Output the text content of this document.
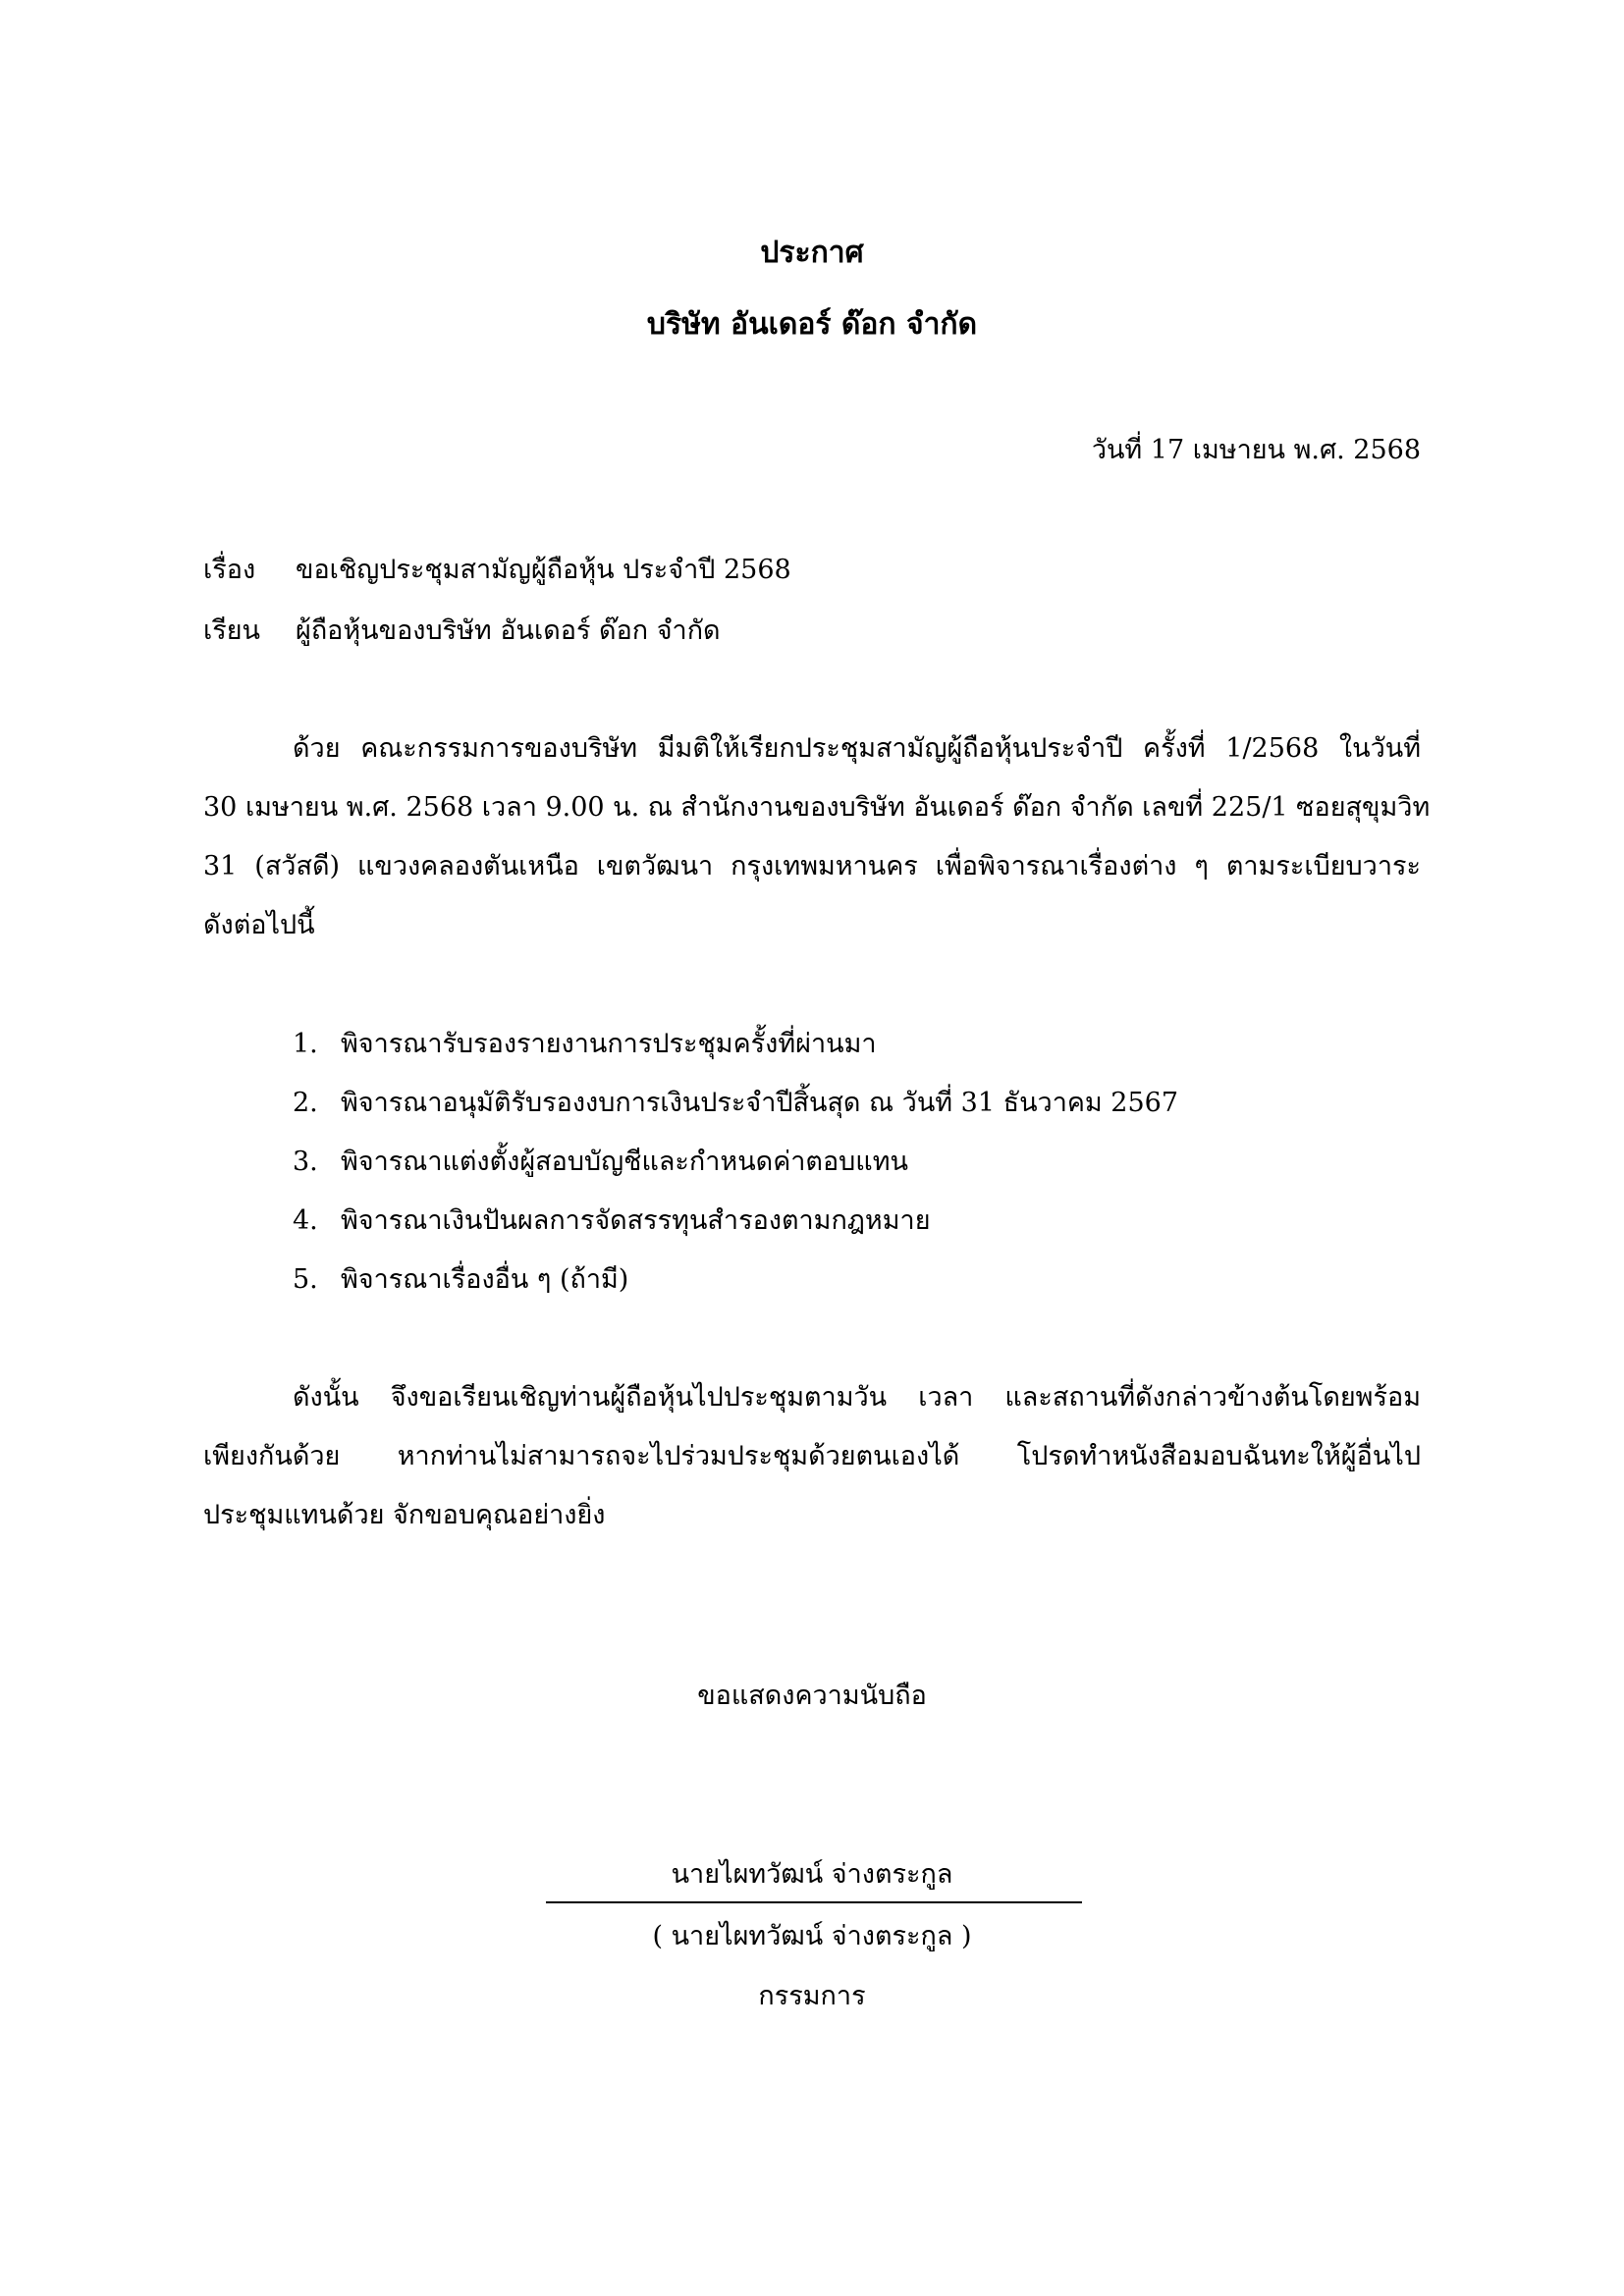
ประกาศ
บริษัท อันเดอร์ ด๊อก จำกัด
วันที่ 17 เมษายน พ.ศ. 2568
เรื่อง ขอเชิญประชุมสามัญผู้ถือหุ้น ประจำปี 2568
เรียน ผู้ถือหุ้นของบริษัท อันเดอร์ ด๊อก จำกัด
ด้วย คณะกรรมการของบริษัท มีมติให้เรียกประชุมสามัญผู้ถือหุ้นประจำปี ครั้งที่ 1/2568 ในวันที่
30 เมษายน พ.ศ. 2568 เวลา 9.00 น. ณ สำนักงานของบริษัท อันเดอร์ ด๊อก จำกัด เลขที่ 225/1 ซอยสุขุมวิท
31 (สวัสดี) แขวงคลองตันเหนือ เขตวัฒนา กรุงเทพมหานคร เพื่อพิจารณาเรื่องต่าง ๆ ตามระเบียบวาระ
ดังต่อไปนี้
1. พิจารณารับรองรายงานการประชุมครั้งที่ผ่านมา
2. พิจารณาอนุมัติรับรองงบการเงินประจำปีสิ้นสุด ณ วันที่ 31 ธันวาคม 2567
3. พิจารณาแต่งตั้งผู้สอบบัญชีและกำหนดค่าตอบแทน
4. พิจารณาเงินปันผลการจัดสรรทุนสำรองตามกฎหมาย
5. พิจารณาเรื่องอื่น ๆ (ถ้ามี)
ดังนั้น จึงขอเรียนเชิญท่านผู้ถือหุ้นไปประชุมตามวัน เวลา และสถานที่ดังกล่าวข้างต้นโดยพร้อม
เพียงกันด้วย หากท่านไม่สามารถจะไปร่วมประชุมด้วยตนเองได้ โปรดทำหนังสือมอบฉันทะให้ผู้อื่นไป
ประชุมแทนด้วย จักขอบคุณอย่างยิ่ง
ขอแสดงความนับถือ
นายไผทวัฒน์ จ่างตระกูล
( นายไผทวัฒน์ จ่างตระกูล )
กรรมการ
